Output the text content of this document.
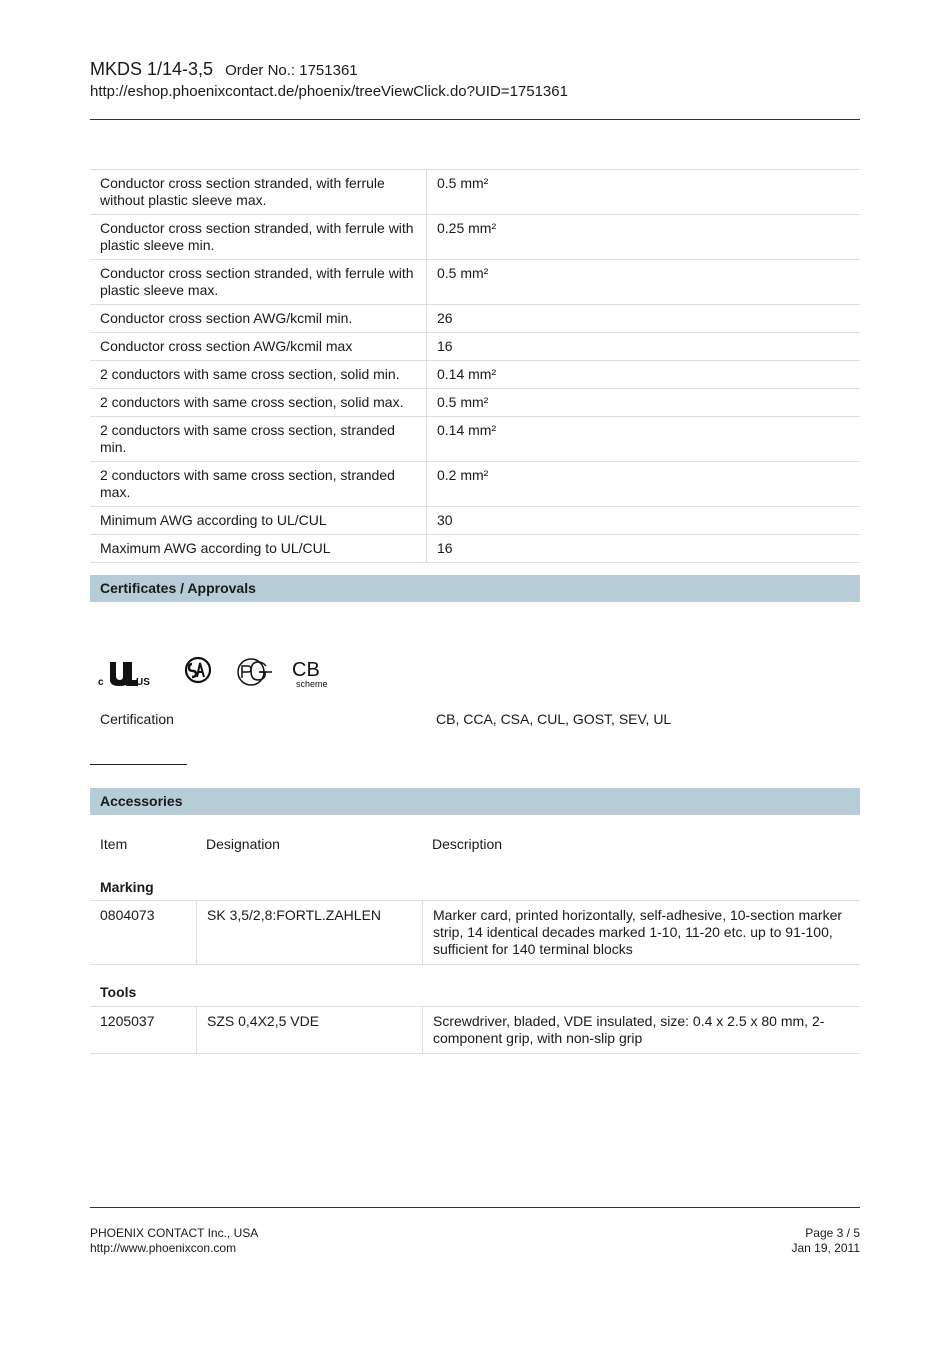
MKDS 1/14-3,5 Order No.: 1751361
http://eshop.phoenixcontact.de/phoenix/treeViewClick.do?UID=1751361
Conductor cross section stranded, with ferrule without plastic sleeve max.	0.5 mm²
Conductor cross section stranded, with ferrule with plastic sleeve min.	0.25 mm²
Conductor cross section stranded, with ferrule with plastic sleeve max.	0.5 mm²
Conductor cross section AWG/kcmil min.	26
Conductor cross section AWG/kcmil max	16
2 conductors with same cross section, solid min.	0.14 mm²
2 conductors with same cross section, solid max.	0.5 mm²
2 conductors with same cross section, stranded min.	0.14 mm²
2 conductors with same cross section, stranded max.	0.2 mm²
Minimum AWG according to UL/CUL	30
Maximum AWG according to UL/CUL	16
Certificates / Approvals
c	US
CB
scheme
Certification	CB, CCA, CSA, CUL, GOST, SEV, UL
Accessories
Item	Designation	Description
Marking
0804073	SK 3,5/2,8:FORTL.ZAHLEN	Marker card, printed horizontally, self-adhesive, 10-section marker strip, 14 identical decades marked 1-10, 11-20 etc. up to 91-100, sufficient for 140 terminal blocks
Tools
1205037	SZS 0,4X2,5 VDE	Screwdriver, bladed, VDE insulated, size: 0.4 x 2.5 x 80 mm, 2-component grip, with non-slip grip
PHOENIX CONTACT Inc., USA
http://www.phoenixcon.com
Page 3 / 5
Jan 19, 2011
